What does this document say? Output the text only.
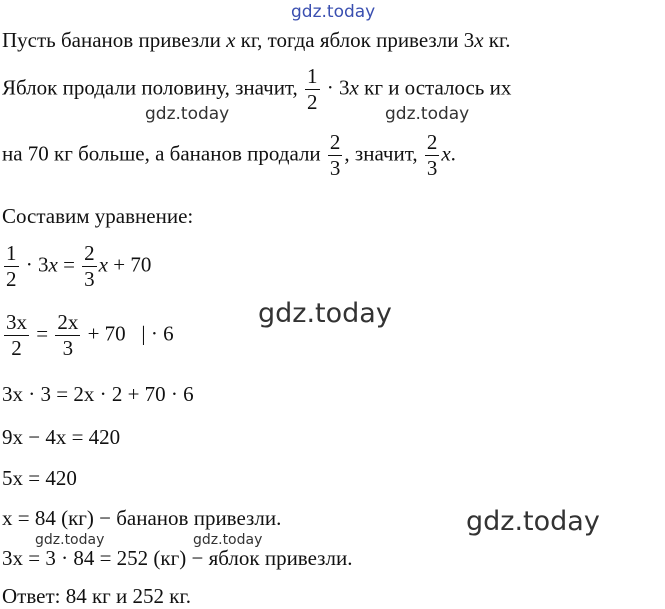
gdz.today
Пусть бананов привезли x кг, тогда яблок привезли 3x кг.
Яблок продали половину, значит, $\frac{1}{2} \cdot 3x$ кг и осталось их
gdz.today	gdz.today
на 70 кг больше, а бананов продали $\frac{2}{3}$ , значит, $\frac{2}{3} x$.
Составим уравнение:
$\frac{1}{2} \cdot 3x = \frac{2}{3}$ x + 70
gdz.today
$\frac{3x}{2} = \frac{2x}{3} + 70$   | · 6
3x · 3 = 2x · 2 + 70 · 6
9x − 4x = 420
5x = 420
x = 84 (кг) − бананов привезли.	gdz.today
gdz.today	gdz.today
3x = 3 · 84 = 252 (кг) − яблок привезли.
Ответ: 84 кг и 252 кг.
